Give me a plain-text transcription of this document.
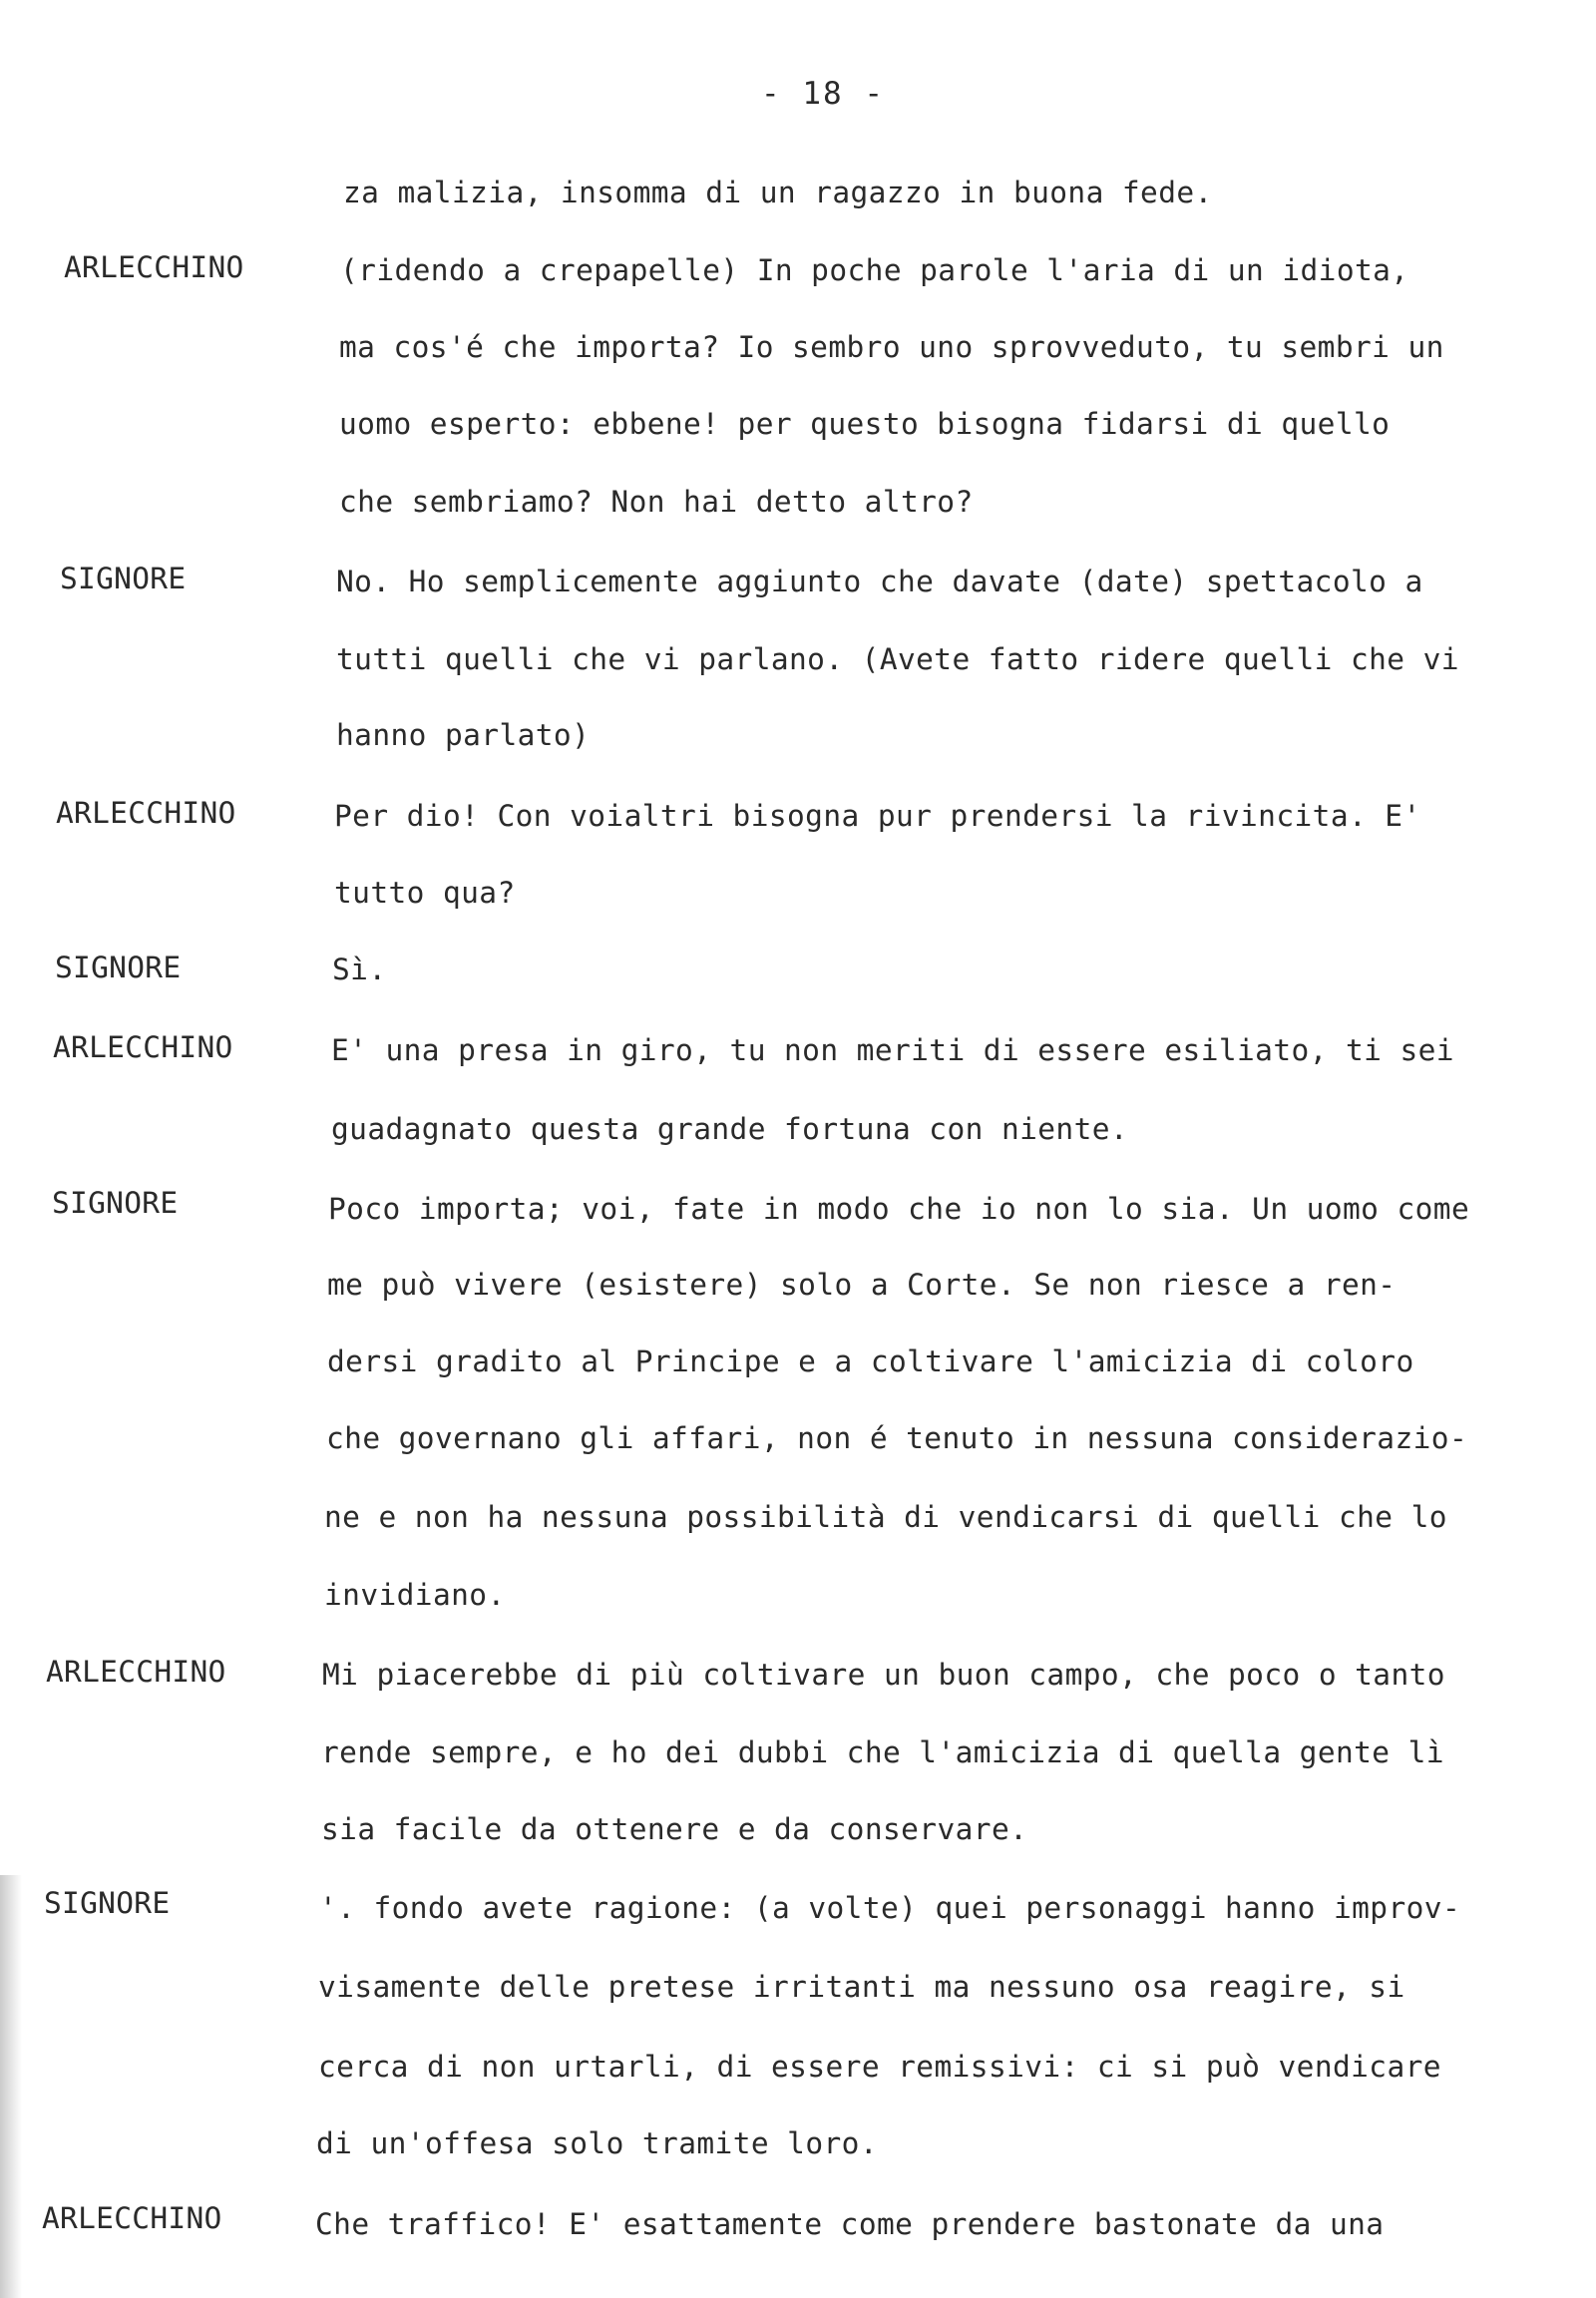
- 18 -
za malizia, insomma di un ragazzo in buona fede.
(ridendo a crepapelle) In poche parole l'aria di un idiota,
ma cos'é che importa? Io sembro uno sprovveduto, tu sembri un
uomo esperto: ebbene! per questo bisogna fidarsi di quello
che sembriamo? Non hai detto altro?
No. Ho semplicemente aggiunto che davate (date) spettacolo a
tutti quelli che vi parlano. (Avete fatto ridere quelli che vi
hanno parlato)
Per dio! Con voialtri bisogna pur prendersi la rivincita. E'
tutto qua?
Sì.
E' una presa in giro, tu non meriti di essere esiliato, ti sei
guadagnato questa grande fortuna con niente.
Poco importa; voi, fate in modo che io non lo sia. Un uomo come
me può vivere (esistere) solo a Corte. Se non riesce a ren-
dersi gradito al Principe e a coltivare l'amicizia di coloro
che governano gli affari, non é tenuto in nessuna considerazio-
ne e non ha nessuna possibilità di vendicarsi di quelli che lo
invidiano.
Mi piacerebbe di più coltivare un buon campo, che poco o tanto
rende sempre, e ho dei dubbi che l'amicizia di quella gente lì
sia facile da ottenere e da conservare.
'. fondo avete ragione: (a volte) quei personaggi hanno improv-
visamente delle pretese irritanti ma nessuno osa reagire, si
cerca di non urtarli, di essere remissivi: ci si può vendicare
di un'offesa solo tramite loro.
Che traffico! E' esattamente come prendere bastonate da una
ARLECCHINO
SIGNORE
ARLECCHINO
SIGNORE
ARLECCHINO
SIGNORE
ARLECCHINO
SIGNORE
ARLECCHINO
